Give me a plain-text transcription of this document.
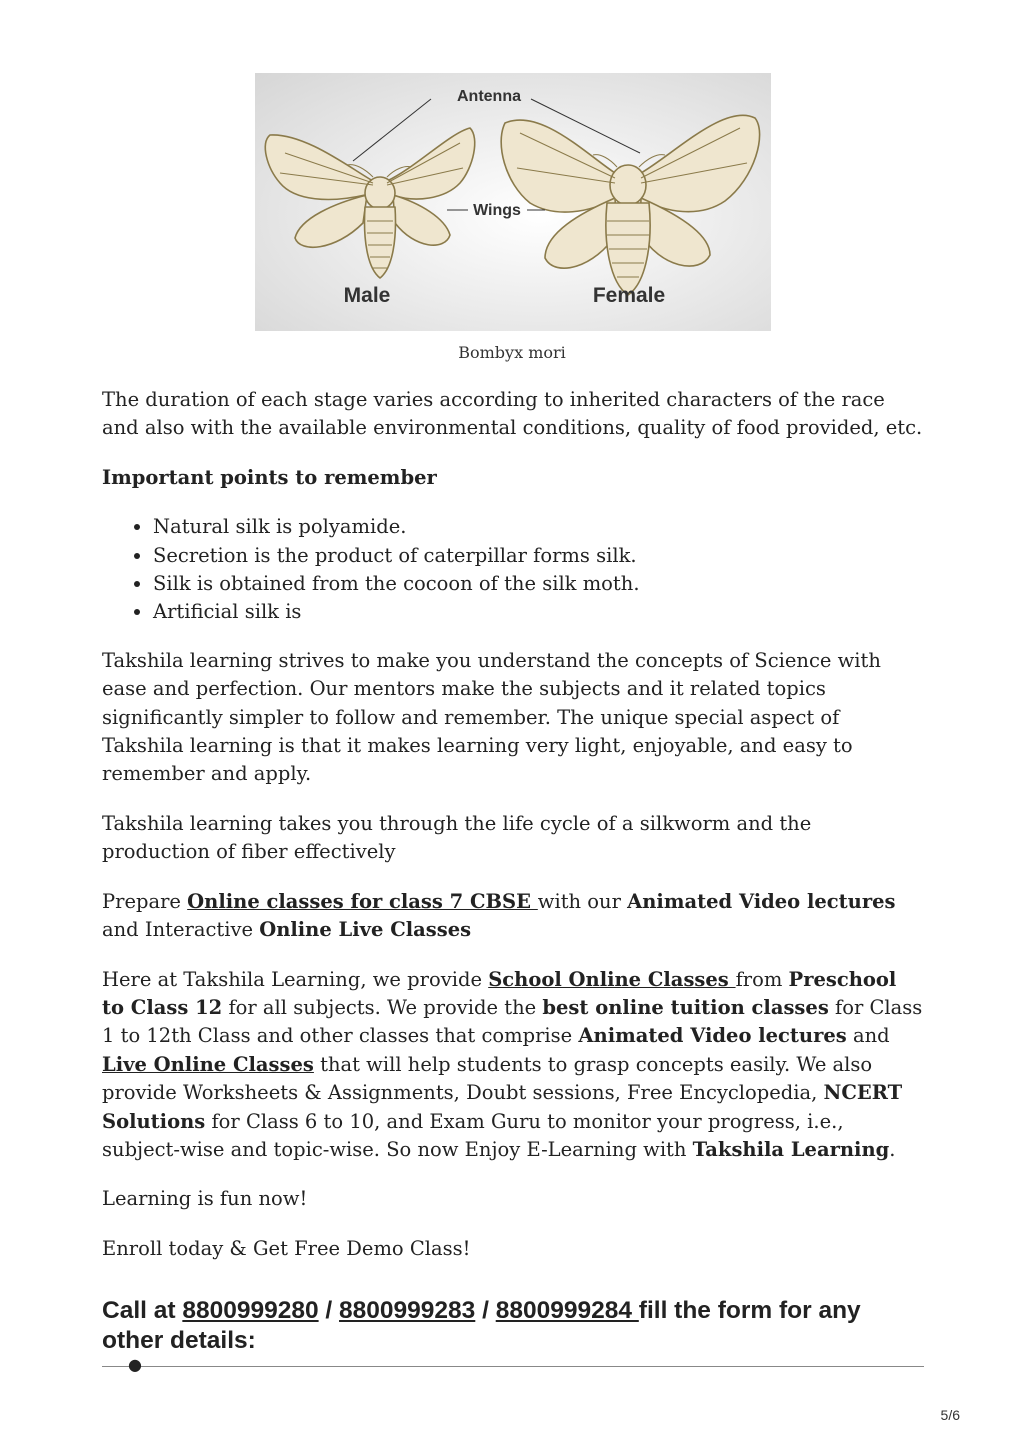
Antenna
Wings
Male	Female
Bombyx mori

The duration of each stage varies according to inherited characters of the race and also with the available environmental conditions, quality of food provided, etc.

Important points to remember

• Natural silk is polyamide.
• Secretion is the product of caterpillar forms silk.
• Silk is obtained from the cocoon of the silk moth.
• Artificial silk is

Takshila learning strives to make you understand the concepts of Science with ease and perfection. Our mentors make the subjects and it related topics significantly simpler to follow and remember. The unique special aspect of Takshila learning is that it makes learning very light, enjoyable, and easy to remember and apply.

Takshila learning takes you through the life cycle of a silkworm and the production of fiber effectively

Prepare Online classes for class 7 CBSE with our Animated Video lectures and Interactive Online Live Classes

Here at Takshila Learning, we provide School Online Classes from Preschool to Class 12 for all subjects. We provide the best online tuition classes for Class 1 to 12th Class and other classes that comprise Animated Video lectures and Live Online Classes that will help students to grasp concepts easily. We also provide Worksheets & Assignments, Doubt sessions, Free Encyclopedia, NCERT Solutions for Class 6 to 10, and Exam Guru to monitor your progress, i.e., subject-wise and topic-wise. So now Enjoy E-Learning with Takshila Learning.

Learning is fun now!

Enroll today & Get Free Demo Class!

Call at 8800999280 / 8800999283 / 8800999284 fill the form for any other details:
●
5/6
